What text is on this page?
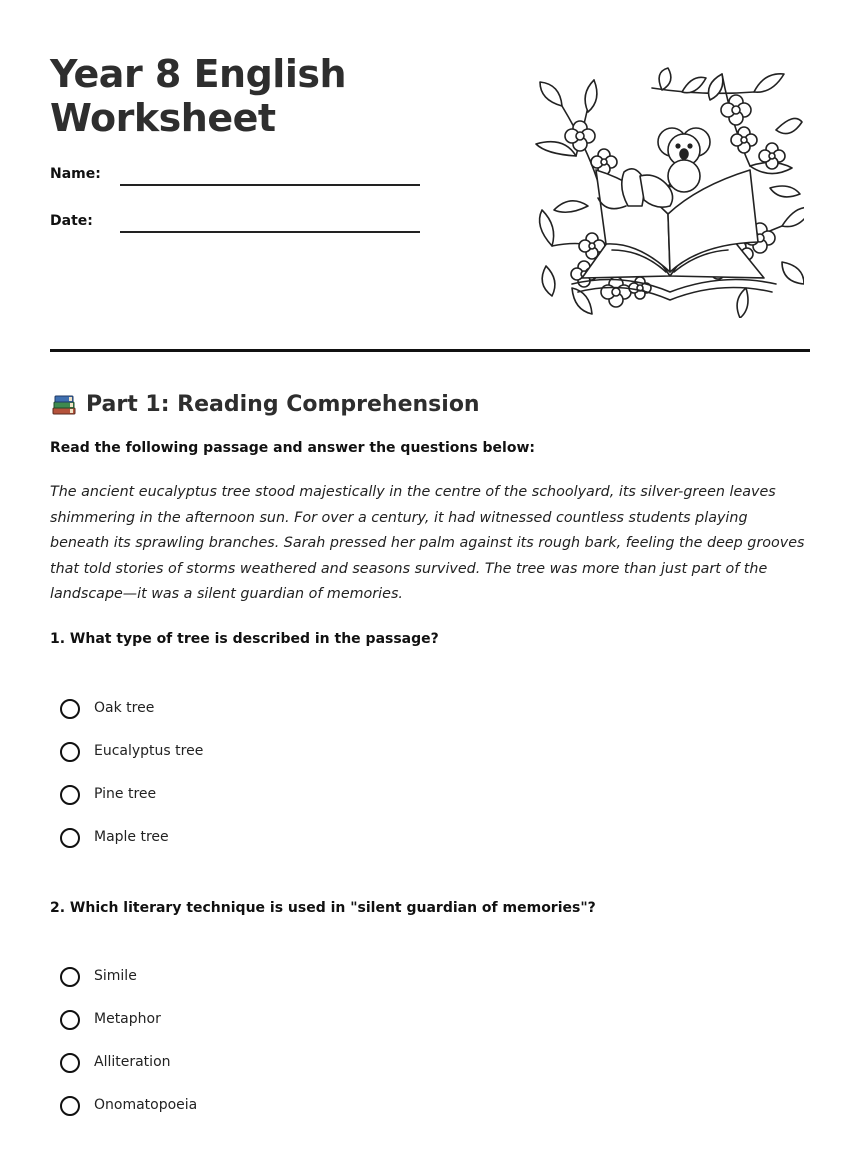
Year 8 English
Worksheet
Name:
Date:
Part 1: Reading Comprehension

Read the following passage and answer the questions below:

The ancient eucalyptus tree stood majestically in the centre of the schoolyard, its silver-green leaves shimmering in the afternoon sun. For over a century, it had witnessed countless students playing beneath its sprawling branches. Sarah pressed her palm against its rough bark, feeling the deep grooves that told stories of storms weathered and seasons survived. The tree was more than just part of the landscape—it was a silent guardian of memories.

1. What type of tree is described in the passage?

Oak tree
Eucalyptus tree
Pine tree
Maple tree

2. Which literary technique is used in "silent guardian of memories"?

Simile
Metaphor
Alliteration
Onomatopoeia
